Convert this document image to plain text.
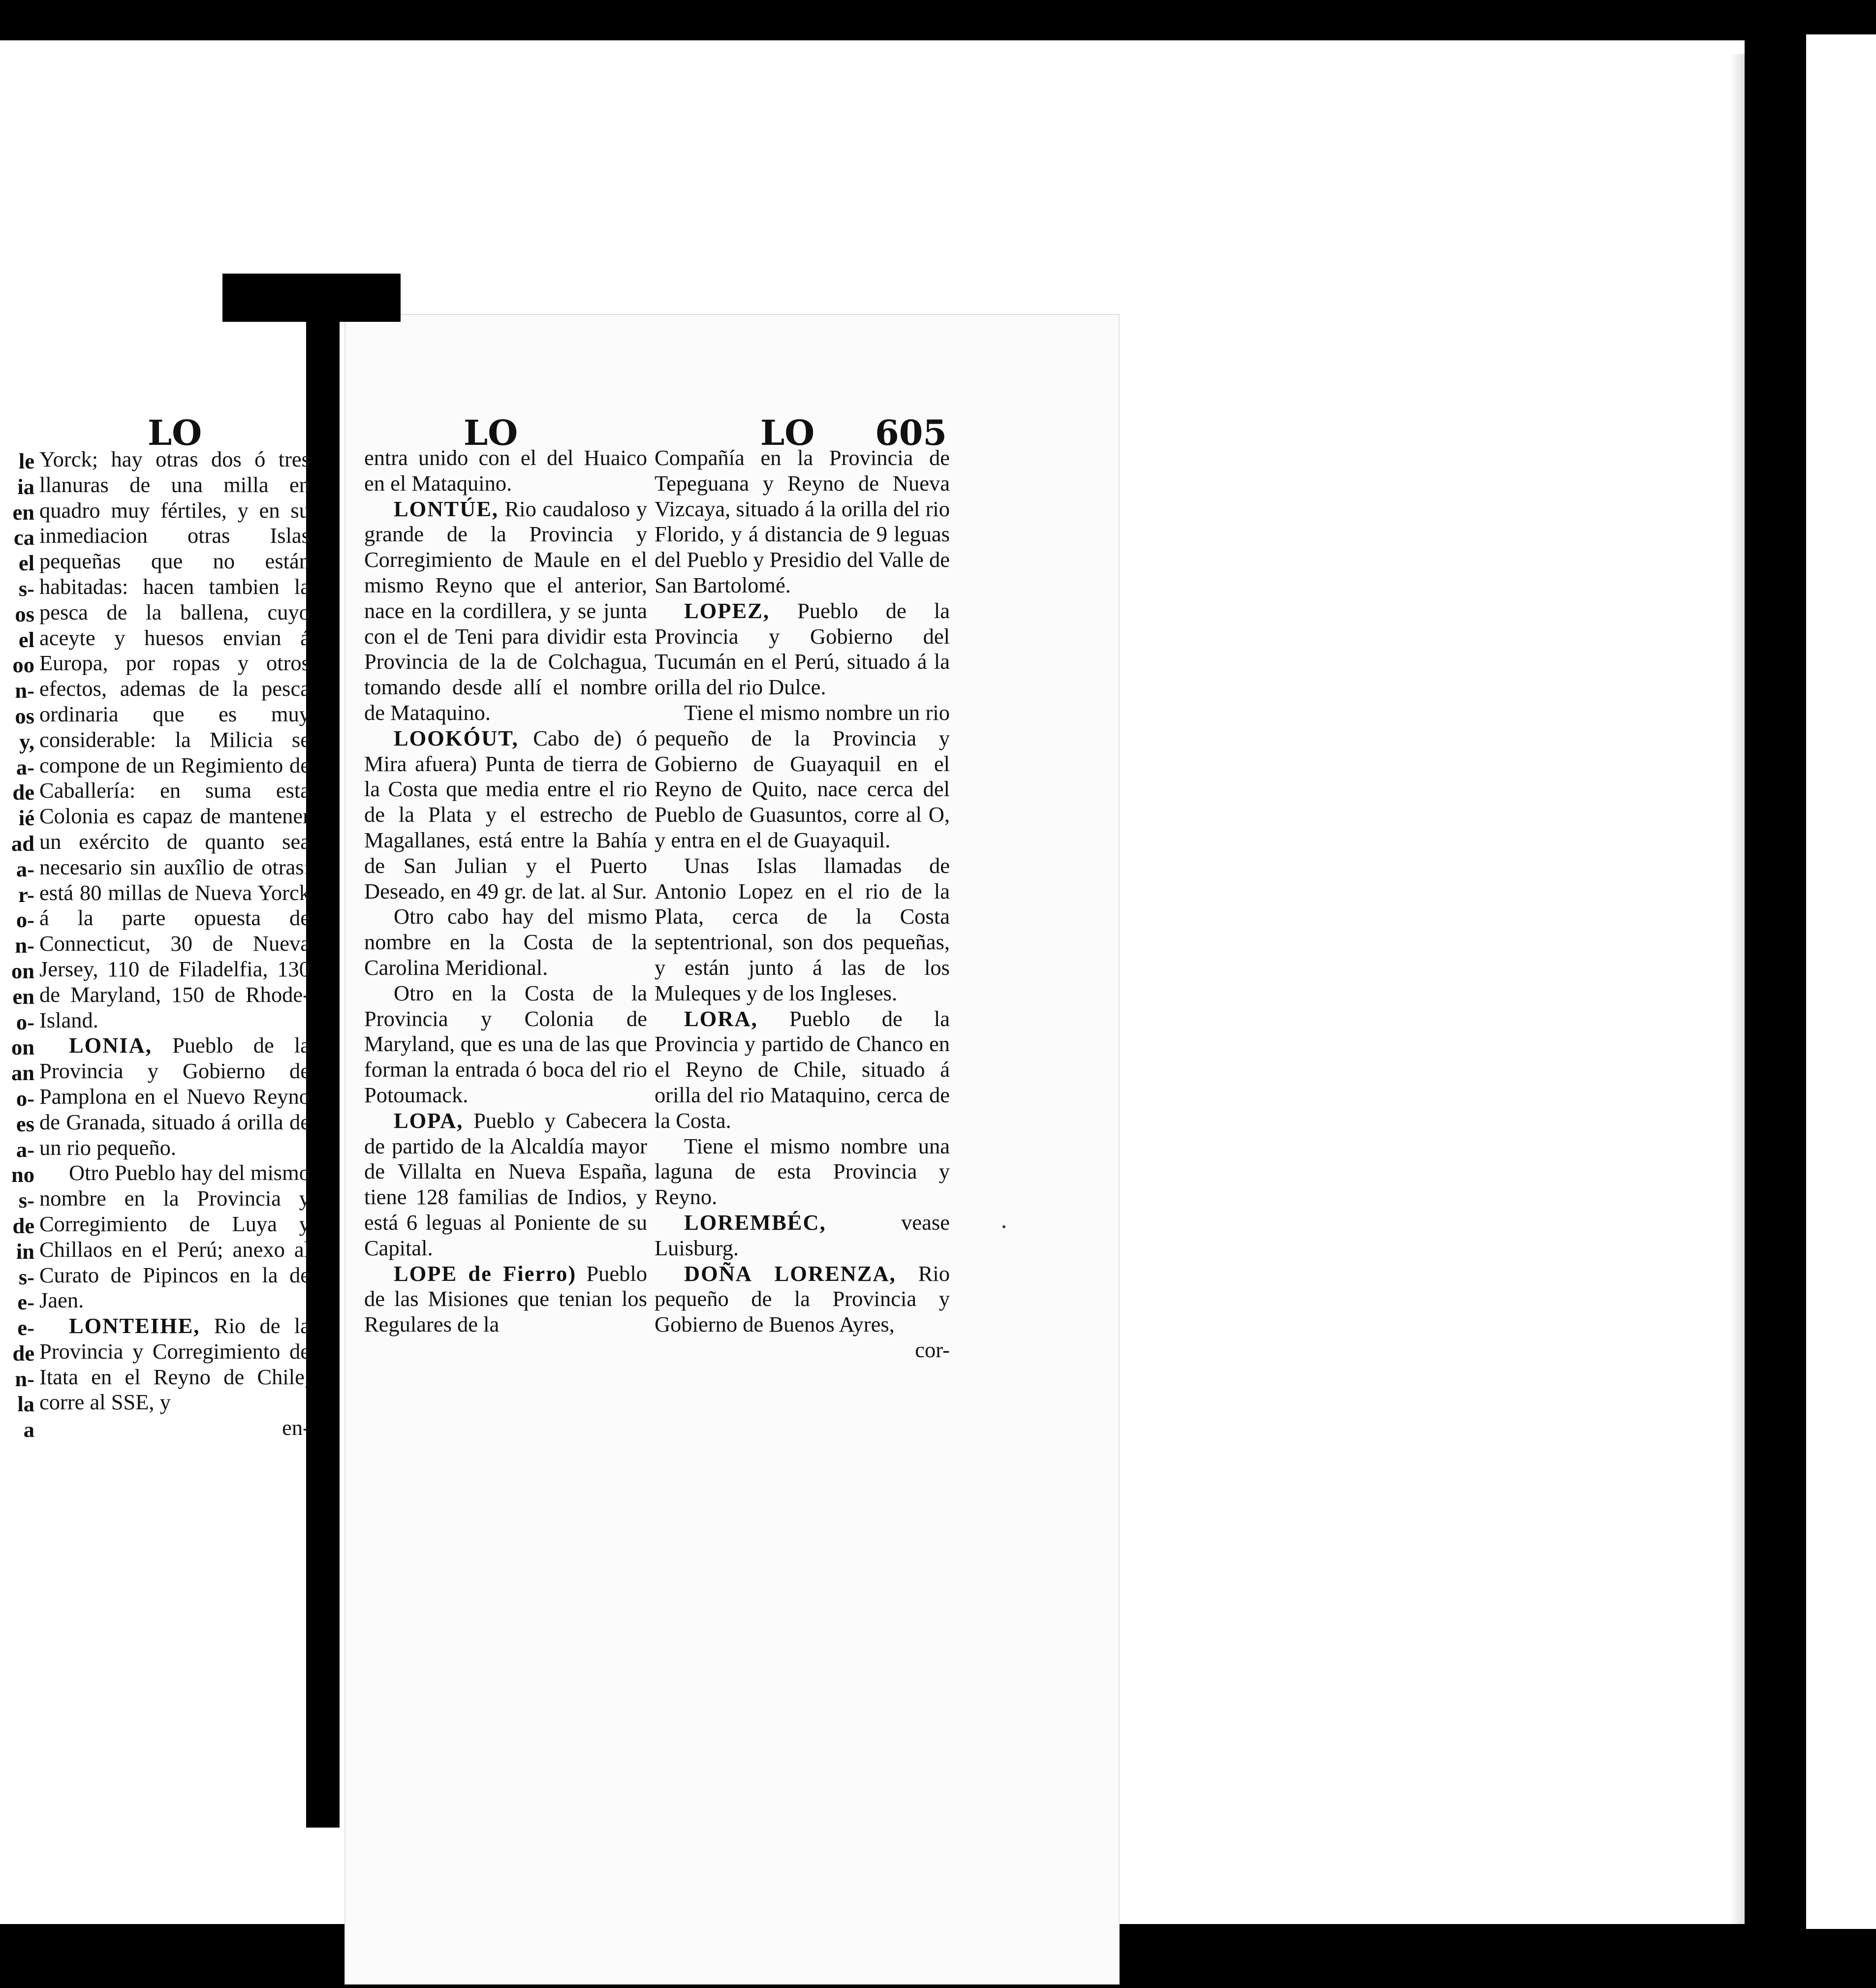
LO	LO	LO 605
le
ia
en
ca
el
s-
os
el
oo
n-
os
y,
a-
de
ié
ad
a-
r-
o-
n-
on
en
o-
on
an
o-
es
a-
no
s-
de
in
s-
e-
e-
de
n-
la
a

Yorck; hay otras dos ó tres llanuras de una milla en quadro muy fértiles, y en su inmediacion otras Islas pequeñas que no están habitadas: hacen tambien la pesca de la ballena, cuyo aceyte y huesos envian á Europa, por ropas y otros efectos, ademas de la pesca ordinaria que es muy considerable: la Milicia se compone de un Regimiento de Caballería: en suma esta Colonia es capaz de mantener un exército de quanto sea necesario sin auxîlio de otras: está 80 millas de Nueva Yorck á la parte opuesta de Connecticut, 30 de Nueva Jersey, 110 de Filadelfia, 130 de Maryland, 150 de Rhode-Island.

LONIA, Pueblo de la Provincia y Gobierno de Pamplona en el Nuevo Reyno de Granada, situado á orilla de un rio pequeño.

Otro Pueblo hay del mismo nombre en la Provincia y Corregimiento de Luya y Chillaos en el Perú; anexo al Curato de Pipincos en la de Jaen.

LONTEIHE, Rio de la Provincia y Corregimiento de Itata en el Reyno de Chile, corre al SSE, y

en-

entra unido con el del Huaico en el Mataquino.

LONTÚE, Rio caudaloso y grande de la Provincia y Corregimiento de Maule en el mismo Reyno que el anterior, nace en la cordillera, y se junta con el de Teni para dividir esta Provincia de la de Colchagua, tomando desde allí el nombre de Mataquino.

LOOKÓUT, Cabo de) ó Mira afuera) Punta de tierra de la Costa que media entre el rio de la Plata y el estrecho de Magallanes, está entre la Bahía de San Julian y el Puerto Deseado, en 49 gr. de lat. al Sur.

Otro cabo hay del mismo nombre en la Costa de la Carolina Meridional.

Otro en la Costa de la Provincia y Colonia de Maryland, que es una de las que forman la entrada ó boca del rio Potoumack.

LOPA, Pueblo y Cabecera de partido de la Alcaldía mayor de Villalta en Nueva España, tiene 128 familias de Indios, y está 6 leguas al Poniente de su Capital.

LOPE de Fierro) Pueblo de las Misiones que tenian los Regulares de la

Compañía en la Provincia de Tepeguana y Reyno de Nueva Vizcaya, situado á la orilla del rio Florido, y á distancia de 9 leguas del Pueblo y Presidio del Valle de San Bartolomé.

LOPEZ, Pueblo de la Provincia y Gobierno del Tucumán en el Perú, situado á la orilla del rio Dulce.

Tiene el mismo nombre un rio pequeño de la Provincia y Gobierno de Guayaquil en el Reyno de Quito, nace cerca del Pueblo de Guasuntos, corre al O, y entra en el de Guayaquil.

Unas Islas llamadas de Antonio Lopez en el rio de la Plata, cerca de la Costa septentrional, son dos pequeñas, y están junto á las de los Muleques y de los Ingleses.

LORA, Pueblo de la Provincia y partido de Chanco en el Reyno de Chile, situado á orilla del rio Mataquino, cerca de la Costa.

Tiene el mismo nombre una laguna de esta Provincia y Reyno.

LOREMBÉC,	vease Luisburg.

DOÑA LORENZA, Rio pequeño de la Provincia y Gobierno de Buenos Ayres,

cor-
